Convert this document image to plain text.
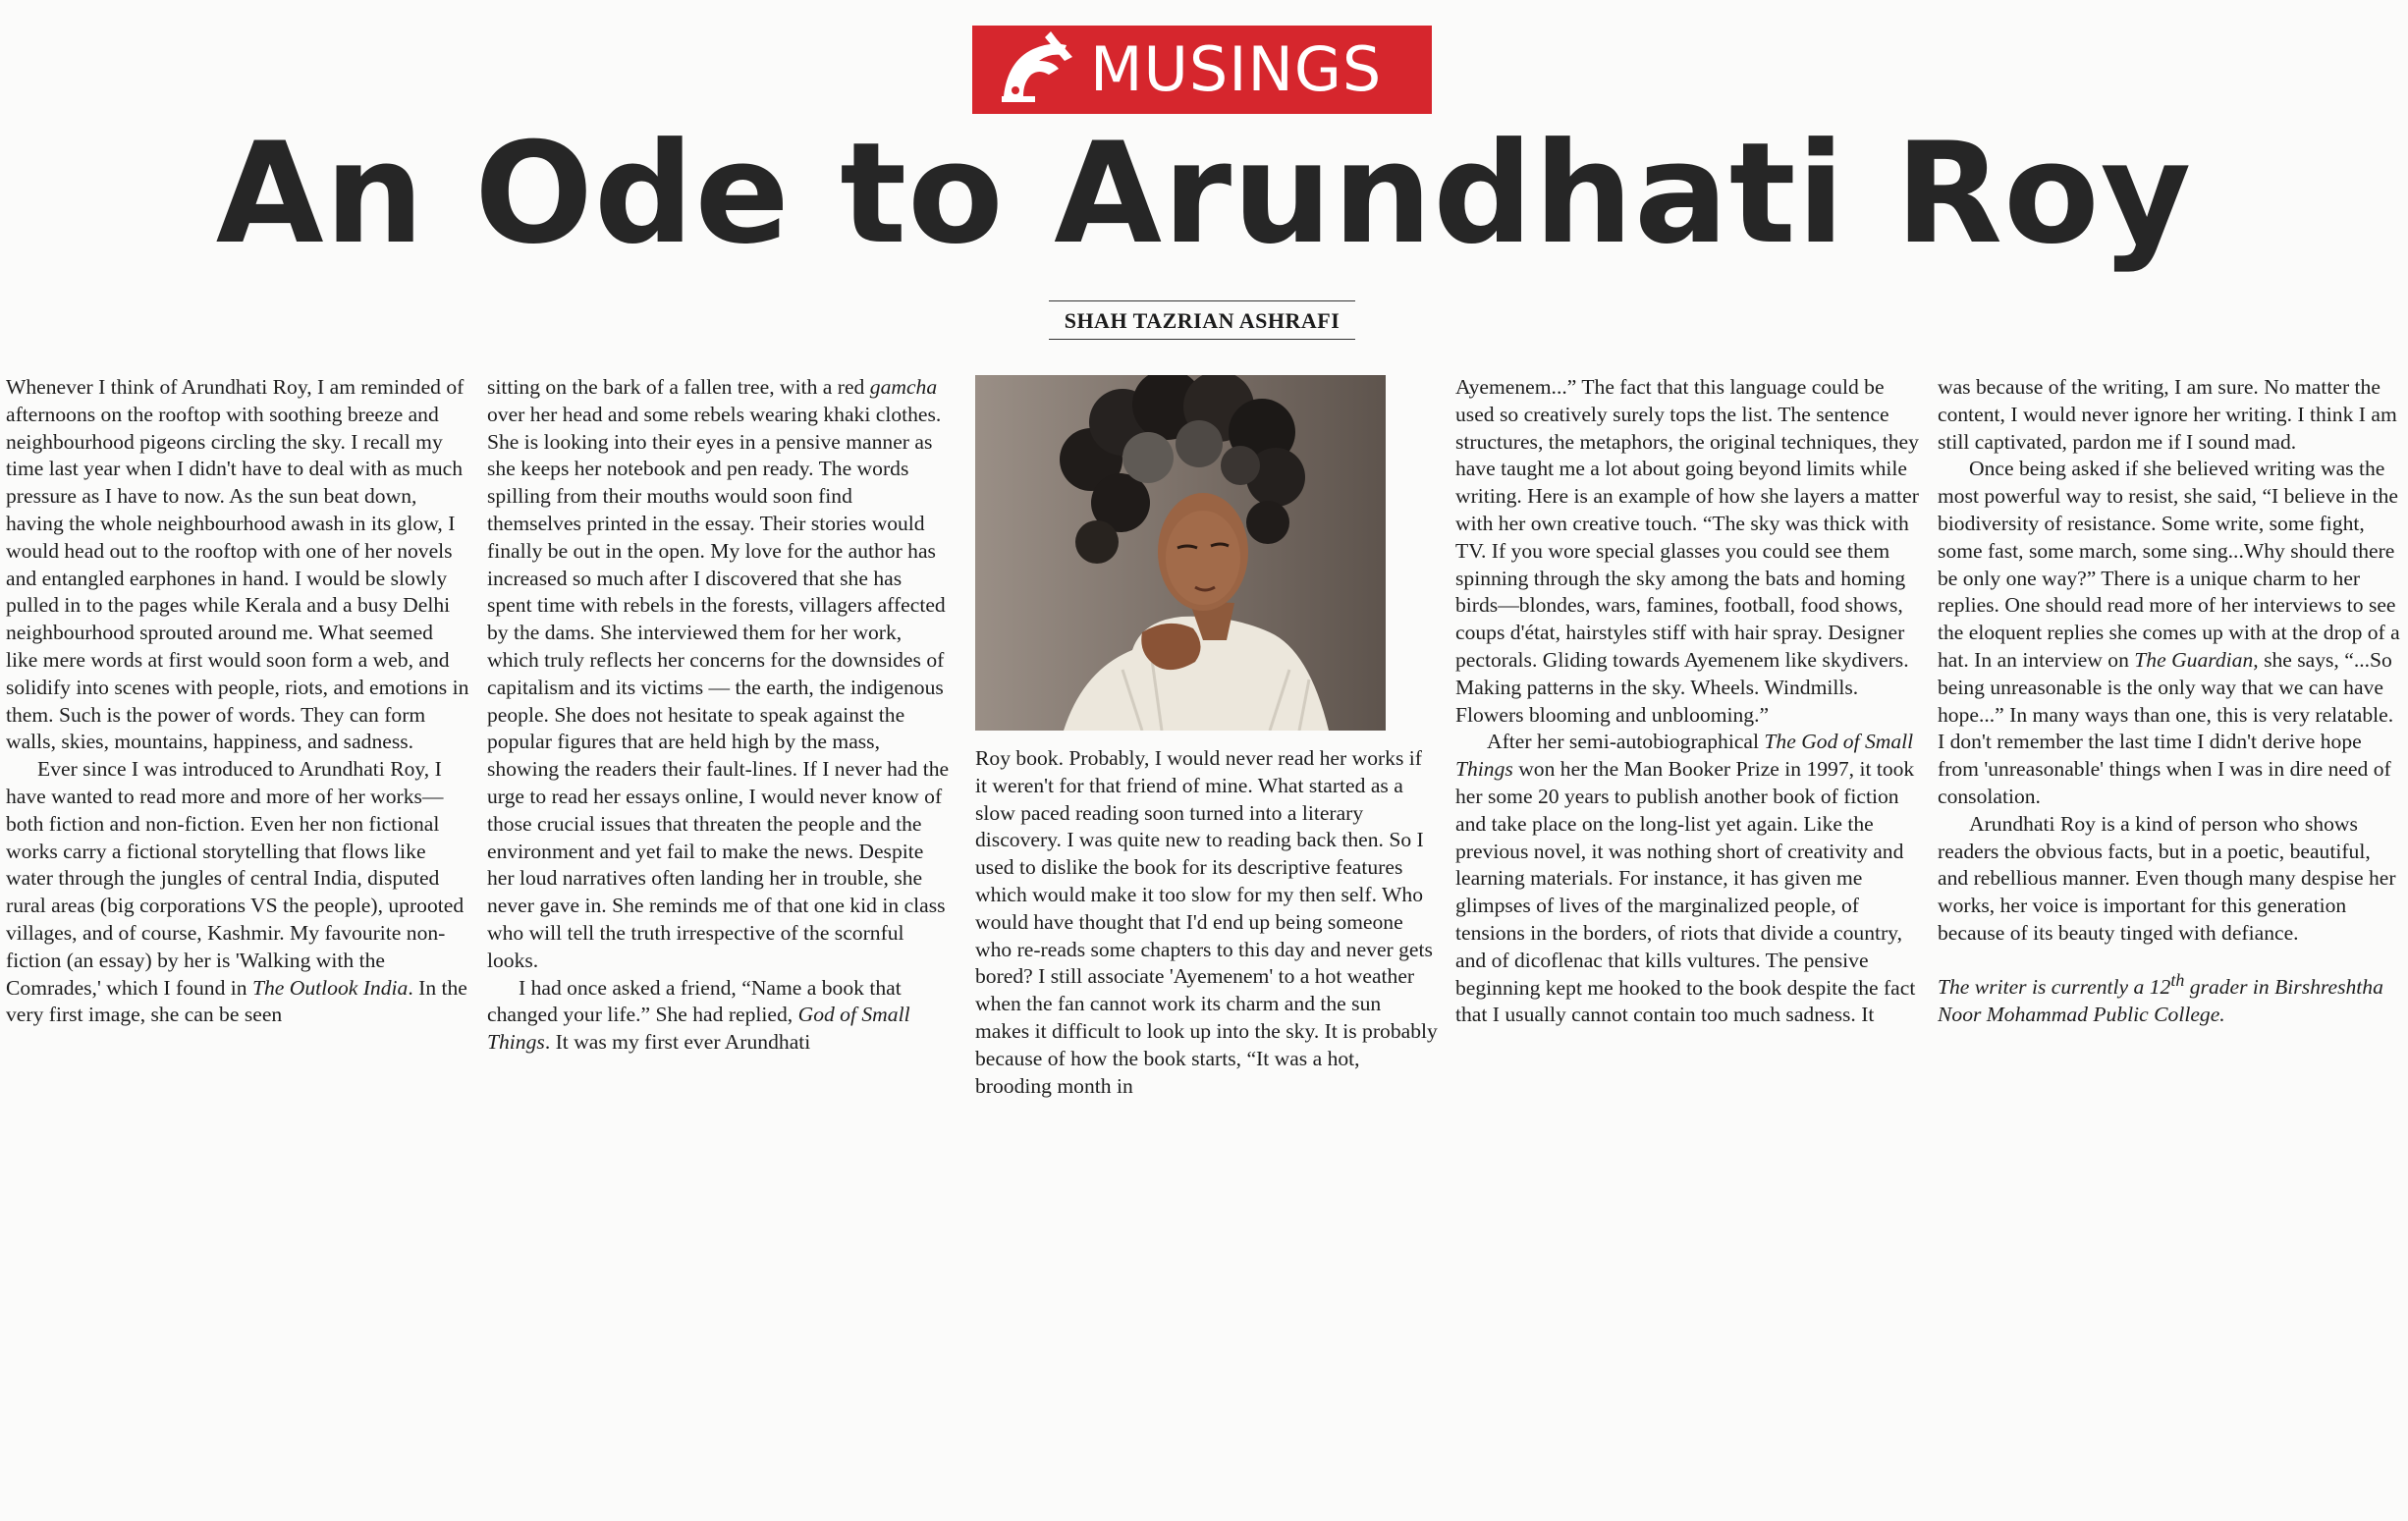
MUSINGS
An Ode to Arundhati Roy
SHAH TAZRIAN ASHRAFI

Whenever I think of Arundhati Roy, I am reminded of afternoons on the rooftop with soothing breeze and neighbourhood pigeons circling the sky. I recall my time last year when I didn't have to deal with as much pressure as I have to now. As the sun beat down, having the whole neighbourhood awash in its glow, I would head out to the rooftop with one of her novels and entangled earphones in hand. I would be slowly pulled in to the pages while Kerala and a busy Delhi neighbourhood sprouted around me. What seemed like mere words at first would soon form a web, and solidify into scenes with people, riots, and emotions in them. Such is the power of words. They can form walls, skies, mountains, happiness, and sadness.

Ever since I was introduced to Arundhati Roy, I have wanted to read more and more of her works—both fiction and non-fiction. Even her non fictional works carry a fictional storytelling that flows like water through the jungles of central India, disputed rural areas (big corporations VS the people), uprooted villages, and of course, Kashmir. My favourite non-fiction (an essay) by her is 'Walking with the Comrades,' which I found in The Outlook India. In the very first image, she can be seen

sitting on the bark of a fallen tree, with a red gamcha over her head and some rebels wearing khaki clothes. She is looking into their eyes in a pensive manner as she keeps her notebook and pen ready. The words spilling from their mouths would soon find themselves printed in the essay. Their stories would finally be out in the open. My love for the author has increased so much after I discovered that she has spent time with rebels in the forests, villagers affected by the dams. She interviewed them for her work, which truly reflects her concerns for the downsides of capitalism and its victims — the earth, the indigenous people. She does not hesitate to speak against the popular figures that are held high by the mass, showing the readers their fault-lines. If I never had the urge to read her essays online, I would never know of those crucial issues that threaten the people and the environment and yet fail to make the news. Despite her loud narratives often landing her in trouble, she never gave in. She reminds me of that one kid in class who will tell the truth irrespective of the scornful looks.

I had once asked a friend, “Name a book that changed your life.” She had replied, God of Small Things. It was my first ever Arundhati

Roy book. Probably, I would never read her works if it weren't for that friend of mine. What started as a slow paced reading soon turned into a literary discovery. I was quite new to reading back then. So I used to dislike the book for its descriptive features which would make it too slow for my then self. Who would have thought that I'd end up being someone who re-reads some chapters to this day and never gets bored? I still associate 'Ayemenem' to a hot weather when the fan cannot work its charm and the sun makes it difficult to look up into the sky. It is probably because of how the book starts, “It was a hot, brooding month in

Ayemenem...” The fact that this language could be used so creatively surely tops the list. The sentence structures, the metaphors, the original techniques, they have taught me a lot about going beyond limits while writing. Here is an example of how she layers a matter with her own creative touch. “The sky was thick with TV. If you wore special glasses you could see them spinning through the sky among the bats and homing birds—blondes, wars, famines, football, food shows, coups d'état, hairstyles stiff with hair spray. Designer pectorals. Gliding towards Ayemenem like skydivers. Making patterns in the sky. Wheels. Windmills. Flowers blooming and unblooming.”

After her semi-autobiographical The God of Small Things won her the Man Booker Prize in 1997, it took her some 20 years to publish another book of fiction and take place on the long-list yet again. Like the previous novel, it was nothing short of creativity and learning materials. For instance, it has given me glimpses of lives of the marginalized people, of tensions in the borders, of riots that divide a country, and of dicoflenac that kills vultures. The pensive beginning kept me hooked to the book despite the fact that I usually cannot contain too much sadness. It

was because of the writing, I am sure. No matter the content, I would never ignore her writing. I think I am still captivated, pardon me if I sound mad.

Once being asked if she believed writing was the most powerful way to resist, she said, “I believe in the biodiversity of resistance. Some write, some fight, some fast, some march, some sing...Why should there be only one way?” There is a unique charm to her replies. One should read more of her interviews to see the eloquent replies she comes up with at the drop of a hat. In an interview on The Guardian, she says, “...So being unreasonable is the only way that we can have hope...” In many ways than one, this is very relatable. I don't remember the last time I didn't derive hope from 'unreasonable' things when I was in dire need of consolation.

Arundhati Roy is a kind of person who shows readers the obvious facts, but in a poetic, beautiful, and rebellious manner. Even though many despise her works, her voice is important for this generation because of its beauty tinged with defiance.

The writer is currently a 12th grader in Birshreshtha Noor Mohammad Public College.
